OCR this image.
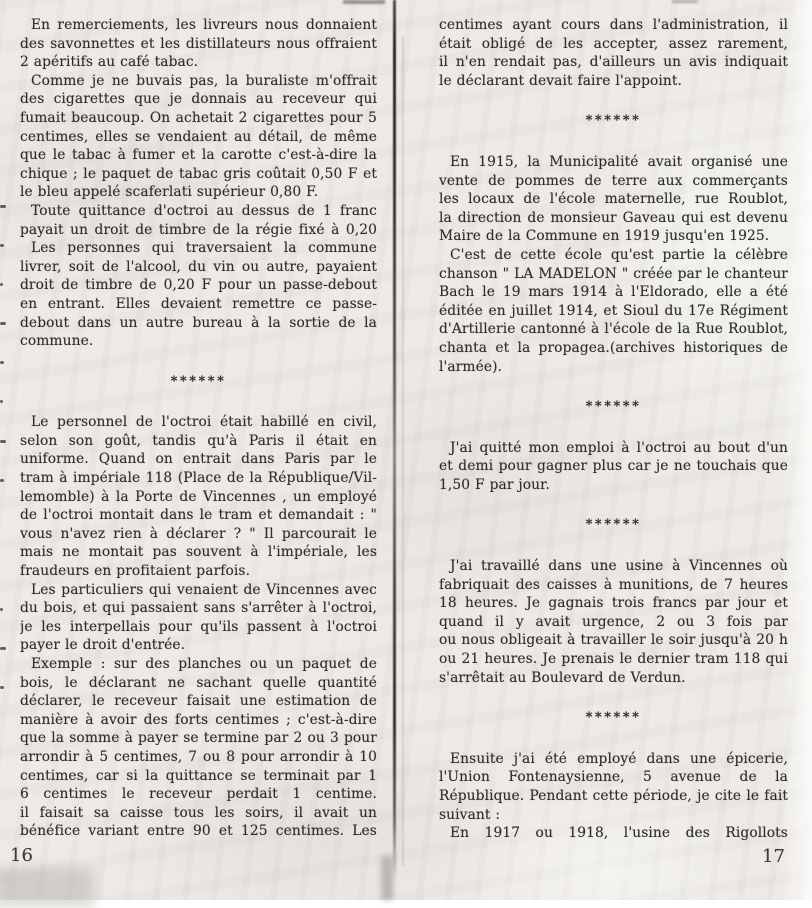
En remerciements, les livreurs nous donnaient
des savonnettes et les distillateurs nous offraient
2 apéritifs au café tabac.
Comme je ne buvais pas, la buraliste m'offrait
des cigarettes que je donnais au receveur qui
fumait beaucoup. On achetait 2 cigarettes pour 5
centimes, elles se vendaient au détail, de même
que le tabac à fumer et la carotte c'est-à-dire la
chique ; le paquet de tabac gris coûtait 0,50 F et
le bleu appelé scaferlati supérieur 0,80 F.
Toute quittance d'octroi au dessus de 1 franc
payait un droit de timbre de la régie fixé à 0,20
Les personnes qui traversaient la commune
livrer, soit de l'alcool, du vin ou autre, payaient
droit de timbre de 0,20 F pour un passe-debout
en entrant. Elles devaient remettre ce passe-
debout dans un autre bureau à la sortie de la
commune.
******
Le personnel de l'octroi était habillé en civil,
selon son goût, tandis qu'à Paris il était en
uniforme. Quand on entrait dans Paris par le
tram à impériale 118 (Place de la République/Vil-
lemomble) à la Porte de Vincennes , un employé
de l'octroi montait dans le tram et demandait : "
vous n'avez rien à déclarer ? " Il parcourait le
mais ne montait pas souvent à l'impériale, les
fraudeurs en profitaient parfois.
Les particuliers qui venaient de Vincennes avec
du bois, et qui passaient sans s'arrêter à l'octroi,
je les interpellais pour qu'ils passent à l'octroi
payer le droit d'entrée.
Exemple : sur des planches ou un paquet de
bois, le déclarant ne sachant quelle quantité
déclarer, le receveur faisait une estimation de
manière à avoir des forts centimes ; c'est-à-dire
que la somme à payer se termine par 2 ou 3 pour
arrondir à 5 centimes, 7 ou 8 pour arrondir à 10
centimes, car si la quittance se terminait par 1
6 centimes le receveur perdait 1 centime.
il faisait sa caisse tous les soirs, il avait un
bénéfice variant entre 90 et 125 centimes. Les
centimes ayant cours dans l'administration, il
était obligé de les accepter, assez rarement,
il n'en rendait pas, d'ailleurs un avis indiquait
le déclarant devait faire l'appoint.
******
En 1915, la Municipalité avait organisé une
vente de pommes de terre aux commerçants
les locaux de l'école maternelle, rue Roublot,
la direction de monsieur Gaveau qui est devenu
Maire de la Commune en 1919 jusqu'en 1925.
C'est de cette école qu'est partie la célèbre
chanson " LA MADELON " créée par le chanteur
Bach le 19 mars 1914 à l'Eldorado, elle a été
éditée en juillet 1914, et Sioul du 17e Régiment
d'Artillerie cantonné à l'école de la Rue Roublot,
chanta et la propagea.(archives historiques de
l'armée).
******
J'ai quitté mon emploi à l'octroi au bout d'un
et demi pour gagner plus car je ne touchais que
1,50 F par jour.
******
J'ai travaillé dans une usine à Vincennes où
fabriquait des caisses à munitions, de 7 heures
18 heures. Je gagnais trois francs par jour et
quand il y avait urgence, 2 ou 3 fois par
ou nous obligeait à travailler le soir jusqu'à 20 h
ou 21 heures. Je prenais le dernier tram 118 qui
s'arrêtait au Boulevard de Verdun.
******
Ensuite j'ai été employé dans une épicerie,
l'Union Fontenaysienne, 5 avenue de la
République. Pendant cette période, je cite le fait
suivant :
En 1917 ou 1918, l'usine des Rigollots
16	17
